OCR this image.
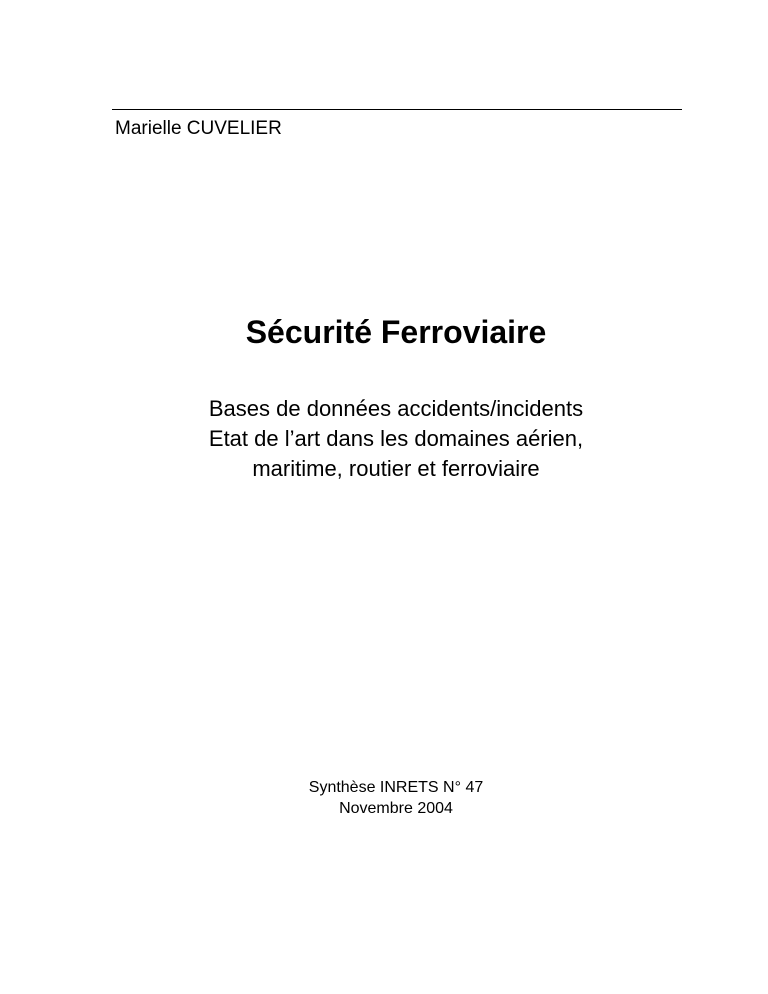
Marielle CUVELIER
Sécurité Ferroviaire
Bases de données accidents/incidents
Etat de l’art dans les domaines aérien,
maritime, routier et ferroviaire
Synthèse INRETS N° 47
Novembre 2004
